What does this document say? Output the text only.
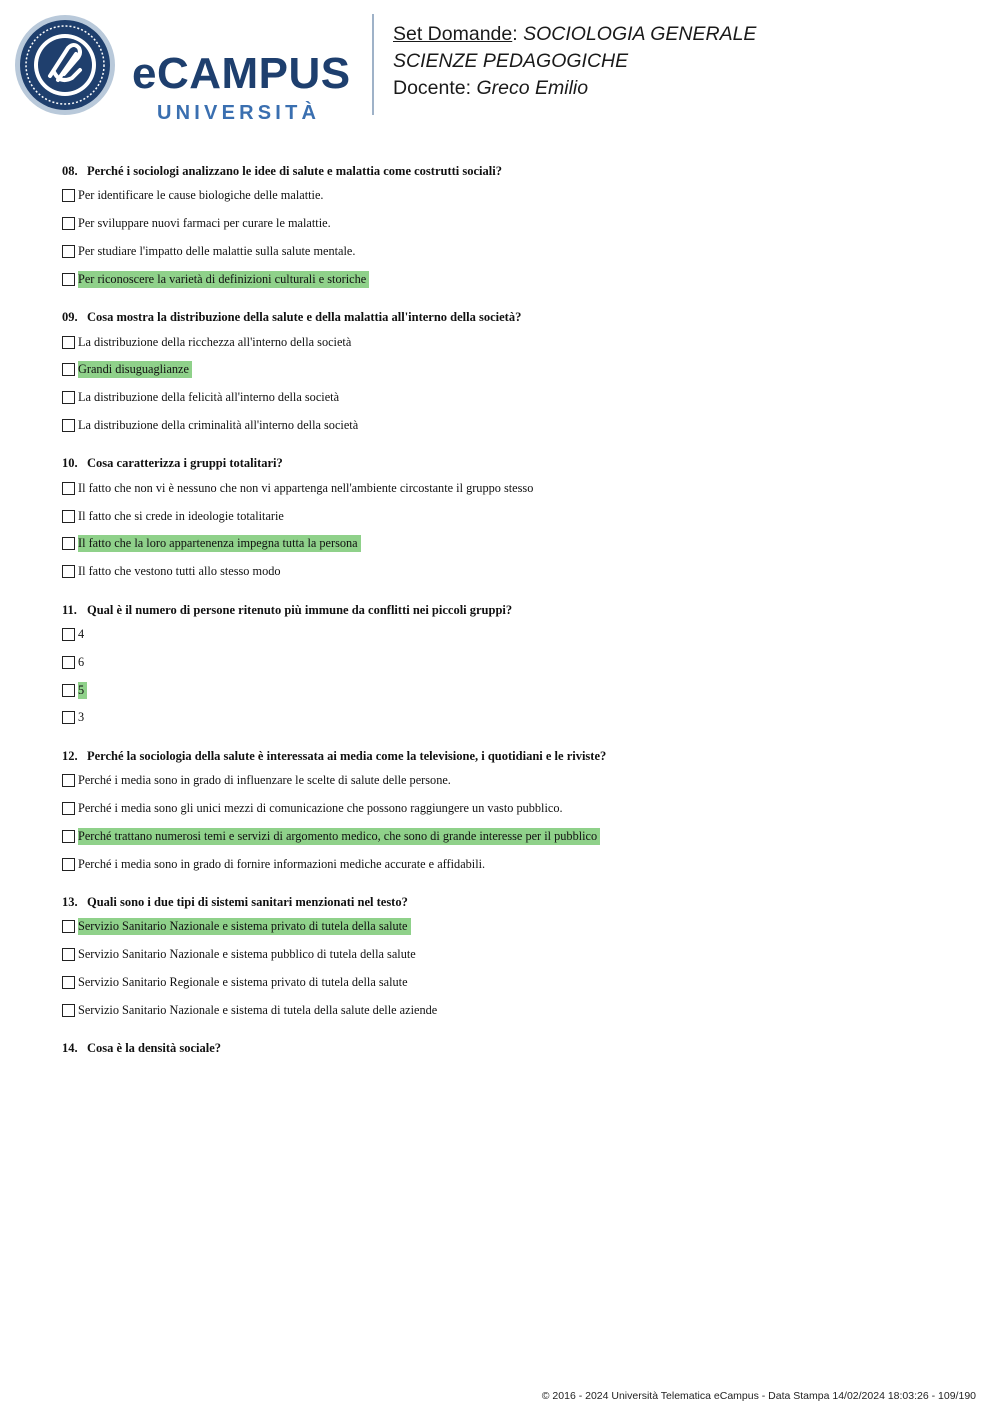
eCAMPUS
UNIVERSITÀ
Set Domande: SOCIOLOGIA GENERALE
SCIENZE PEDAGOGICHE
Docente: Greco Emilio
08. Perché i sociologi analizzano le idee di salute e malattia come costrutti sociali?
Per identificare le cause biologiche delle malattie.
Per sviluppare nuovi farmaci per curare le malattie.
Per studiare l'impatto delle malattie sulla salute mentale.
Per riconoscere la varietà di definizioni culturali e storiche
09. Cosa mostra la distribuzione della salute e della malattia all'interno della società?
La distribuzione della ricchezza all'interno della società
Grandi disuguaglianze
La distribuzione della felicità all'interno della società
La distribuzione della criminalità all'interno della società
10. Cosa caratterizza i gruppi totalitari?
Il fatto che non vi è nessuno che non vi appartenga nell'ambiente circostante il gruppo stesso
Il fatto che si crede in ideologie totalitarie
Il fatto che la loro appartenenza impegna tutta la persona
Il fatto che vestono tutti allo stesso modo
11. Qual è il numero di persone ritenuto più immune da conflitti nei piccoli gruppi?
4
6
5
3
12. Perché la sociologia della salute è interessata ai media come la televisione, i quotidiani e le riviste?
Perché i media sono in grado di influenzare le scelte di salute delle persone.
Perché i media sono gli unici mezzi di comunicazione che possono raggiungere un vasto pubblico.
Perché trattano numerosi temi e servizi di argomento medico, che sono di grande interesse per il pubblico
Perché i media sono in grado di fornire informazioni mediche accurate e affidabili.
13. Quali sono i due tipi di sistemi sanitari menzionati nel testo?
Servizio Sanitario Nazionale e sistema privato di tutela della salute
Servizio Sanitario Nazionale e sistema pubblico di tutela della salute
Servizio Sanitario Regionale e sistema privato di tutela della salute
Servizio Sanitario Nazionale e sistema di tutela della salute delle aziende
14. Cosa è la densità sociale?
© 2016 - 2024 Università Telematica eCampus - Data Stampa 14/02/2024 18:03:26 - 109/190
